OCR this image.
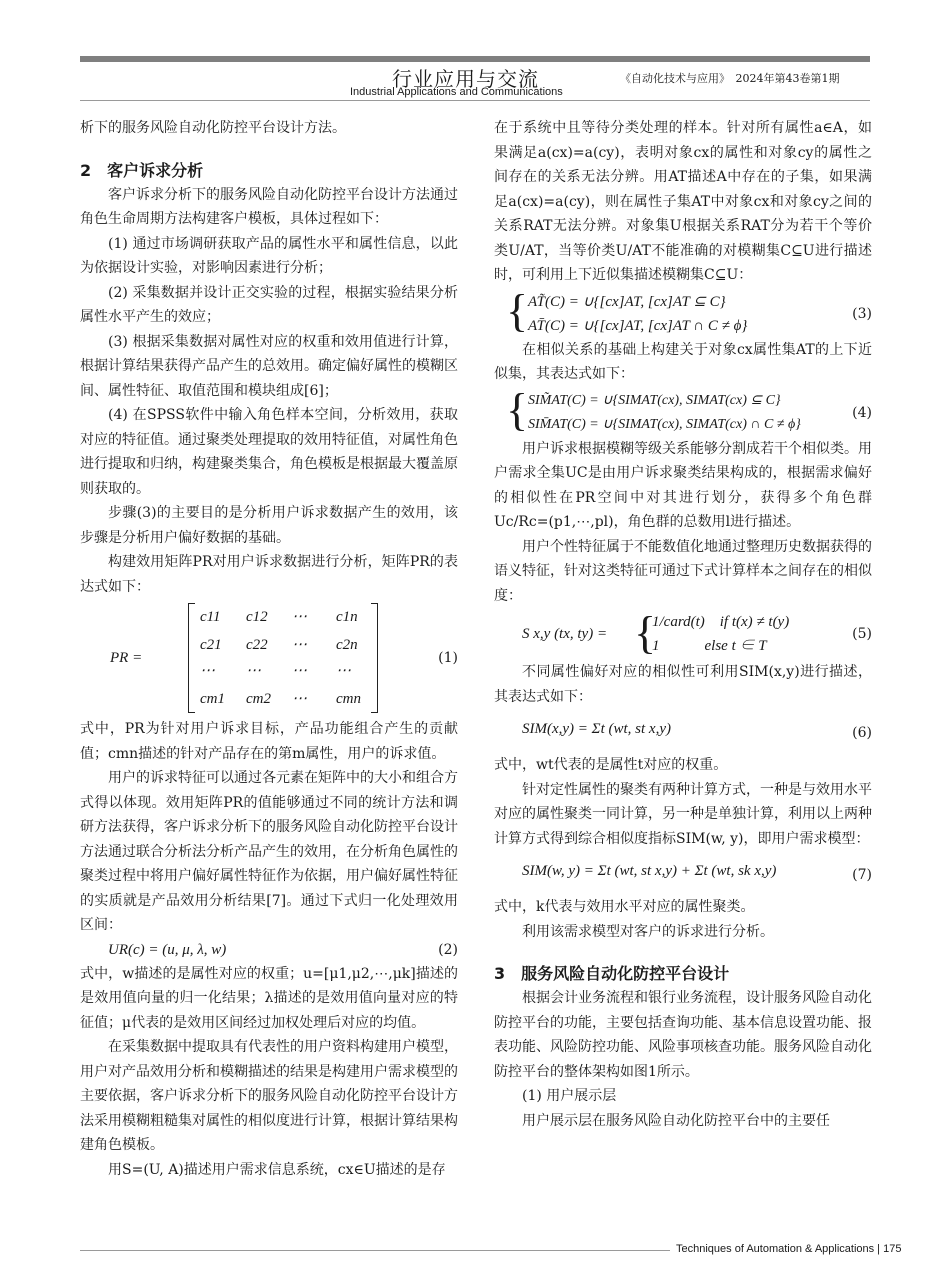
行业应用与交流
Industrial Applications and Communications
《自动化技术与应用》　2024年第43卷第1期

析下的服务风险自动化防控平台设计方法。

2　客户诉求分析

客户诉求分析下的服务风险自动化防控平台设计方法通过角色生命周期方法构建客户模板，具体过程如下：

(1) 通过市场调研获取产品的属性水平和属性信息，以此为依据设计实验，对影响因素进行分析；

(2) 采集数据并设计正交实验的过程，根据实验结果分析属性水平产生的效应；

(3) 根据采集数据对属性对应的权重和效用值进行计算，根据计算结果获得产品产生的总效用。确定偏好属性的模糊区间、属性特征、取值范围和模块组成[6]；

(4) 在SPSS软件中输入角色样本空间，分析效用，获取对应的特征值。通过聚类处理提取的效用特征值，对属性角色进行提取和归纳，构建聚类集合，角色模板是根据最大覆盖原则获取的。

步骤(3)的主要目的是分析用户诉求数据产生的效用，该步骤是分析用户偏好数据的基础。

构建效用矩阵PR对用户诉求数据进行分析，矩阵PR的表达式如下：

PR =
c11 c12 ⋯ c1n
c21 c22 ⋯ c2n
⋯ ⋯ ⋯ ⋯
cm1 cm2 ⋯ cmn
(1)

式中，PR为针对用户诉求目标，产品功能组合产生的贡献值；cmn描述的针对产品存在的第m属性，用户的诉求值。

用户的诉求特征可以通过各元素在矩阵中的大小和组合方式得以体现。效用矩阵PR的值能够通过不同的统计方法和调研方法获得，客户诉求分析下的服务风险自动化防控平台设计方法通过联合分析法分析产品产生的效用，在分析角色属性的聚类过程中将用户偏好属性特征作为依据，用户偏好属性特征的实质就是产品效用分析结果[7]。通过下式归一化处理效用区间：

UR(c) = (u, μ, λ, w)	(2)

式中，w描述的是属性对应的权重；u=[μ1,μ2,⋯,μk]描述的是效用值向量的归一化结果；λ描述的是效用值向量对应的特征值；μ代表的是效用区间经过加权处理后对应的均值。

在采集数据中提取具有代表性的用户资料构建用户模型，用户对产品效用分析和模糊描述的结果是构建用户需求模型的主要依据，客户诉求分析下的服务风险自动化防控平台设计方法采用模糊粗糙集对属性的相似度进行计算，根据计算结果构建角色模板。

用S=(U, A)描述用户需求信息系统，cx∈U描述的是存

在于系统中且等待分类处理的样本。针对所有属性a∈A，如果满足a(cx)=a(cy)，表明对象cx的属性和对象cy的属性之间存在的关系无法分辨。用AT描述A中存在的子集，如果满足a(cx)=a(cy)，则在属性子集AT中对象cx和对象cy之间的关系RAT无法分辨。对象集U根据关系RAT分为若干个等价类U/AT，当等价类U/AT不能准确的对模糊集C⊆U进行描述时，可利用上下近似集描述模糊集C⊆U：

{ AT̃(C) = ∪{[cx]AT, [cx]AT ⊆ C}
AT̄(C) = ∪{[cx]AT, [cx]AT ∩ C ≠ ϕ}
(3)

在相似关系的基础上构建关于对象cx属性集AT的上下近似集，其表达式如下：

{ SIM̃AT(C) = ∪{SIMAT(cx), SIMAT(cx) ⊆ C}
SIM̄AT(C) = ∪{SIMAT(cx), SIMAT(cx) ∩ C ≠ ϕ}
(4)

用户诉求根据模糊等级关系能够分割成若干个相似类。用户需求全集UC是由用户诉求聚类结果构成的，根据需求偏好的相似性在PR空间中对其进行划分，获得多个角色群Uc/Rc=(p1,⋯,pl)，角色群的总数用l进行描述。

用户个性特征属于不能数值化地通过整理历史数据获得的语义特征，针对这类特征可通过下式计算样本之间存在的相似度：

S x,y (tx, ty) = {
1/card(t)　if t(x) ≠ t(y)
1　　　else t ∈ T
(5)

不同属性偏好对应的相似性可利用SIM(x,y)进行描述，其表达式如下：

SIM(x,y) = Σt (wt, st x,y)	(6)

式中，wt代表的是属性t对应的权重。

针对定性属性的聚类有两种计算方式，一种是与效用水平对应的属性聚类一同计算，另一种是单独计算，利用以上两种计算方式得到综合相似度指标SIM(w, y)，即用户需求模型：

SIM(w, y) = Σt (wt, st x,y) + Σt (wt, sk x,y)	(7)

式中，k代表与效用水平对应的属性聚类。

利用该需求模型对客户的诉求进行分析。

3　服务风险自动化防控平台设计

根据会计业务流程和银行业务流程，设计服务风险自动化防控平台的功能，主要包括查询功能、基本信息设置功能、报表功能、风险防控功能、风险事项核查功能。服务风险自动化防控平台的整体架构如图1所示。

(1) 用户展示层

用户展示层在服务风险自动化防控平台中的主要任

Techniques of Automation & Applications | 175
